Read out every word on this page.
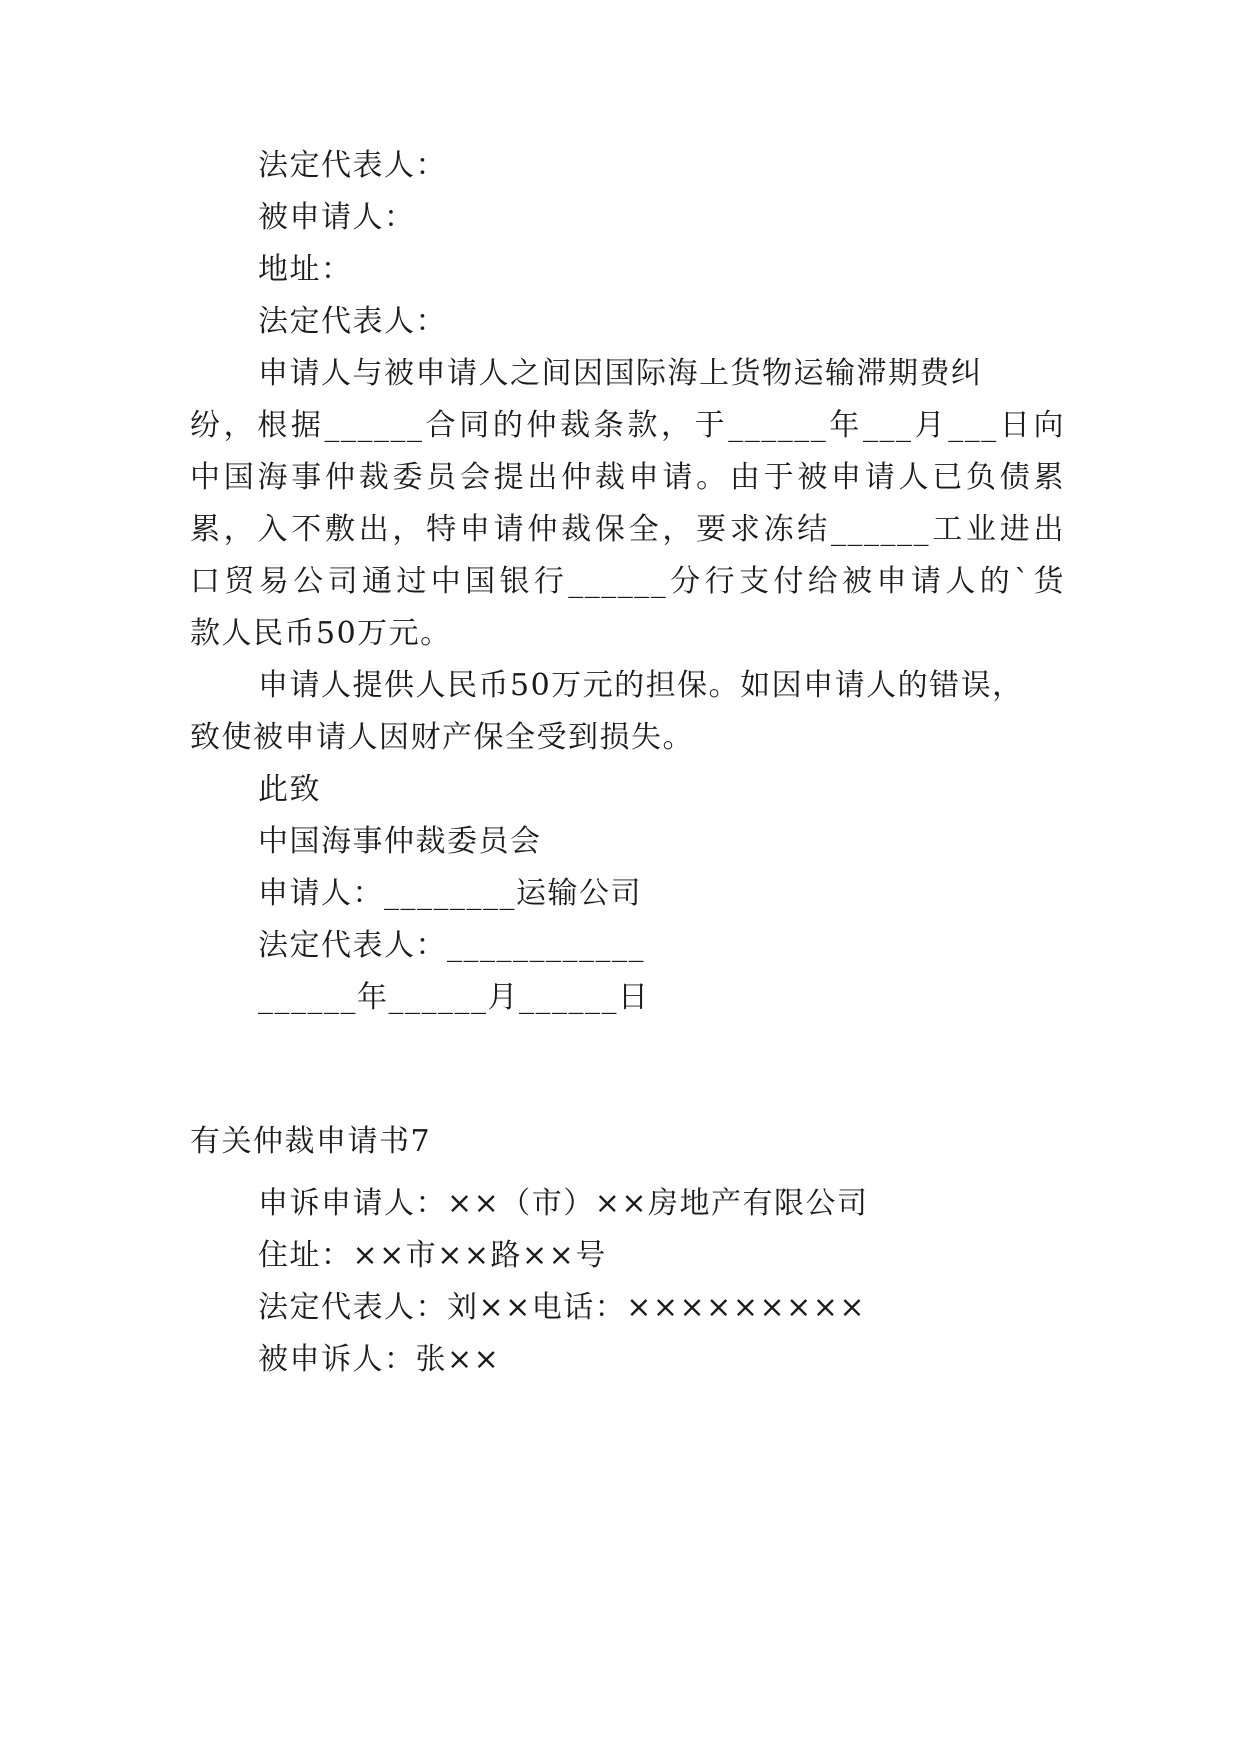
法定代表人：
被申请人：
地址：
法定代表人：
申请人与被申请人之间因国际海上货物运输滞期费纠
纷，根据______合同的仲裁条款，于______年___月___日向
中国海事仲裁委员会提出仲裁申请。由于被申请人已负债累
累，入不敷出，特申请仲裁保全，要求冻结______工业进出
口贸易公司通过中国银行______分行支付给被申请人的`货
款人民币50万元。
申请人提供人民币50万元的担保。如因申请人的错误，
致使被申请人因财产保全受到损失。
此致
中国海事仲裁委员会
申请人：________运输公司
法定代表人：____________
______年______月______日
有关仲裁申请书7
申诉申请人：××（市）××房地产有限公司
住址：××市××路××号
法定代表人：刘××电话：×××××××××
被申诉人：张××
